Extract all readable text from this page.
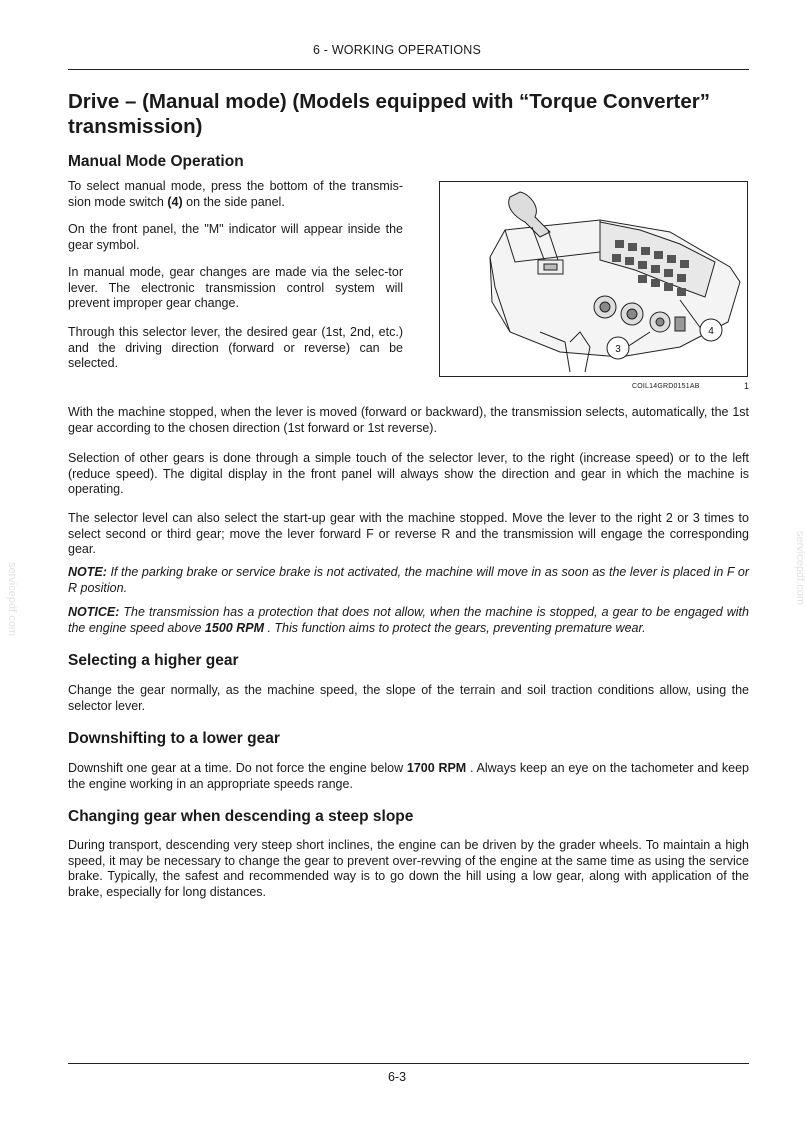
6 - WORKING OPERATIONS
Drive – (Manual mode) (Models equipped with “Torque Converter” transmission)
Manual Mode Operation

To select manual mode, press the bottom of the transmis-sion mode switch (4) on the side panel.

On the front panel, the "M" indicator will appear inside the gear symbol.

In manual mode, gear changes are made via the selec-tor lever. The electronic transmission control system will prevent improper gear change.

Through this selector lever, the desired gear (1st, 2nd, etc.) and the driving direction (forward or reverse) can be selected.

3
4
COIL14GRD0151AB	1

With the machine stopped, when the lever is moved (forward or backward), the transmission selects, automatically, the 1st gear according to the chosen direction (1st forward or 1st reverse).

Selection of other gears is done through a simple touch of the selector lever, to the right (increase speed) or to the left (reduce speed). The digital display in the front panel will always show the direction and gear in which the machine is operating.

The selector level can also select the start-up gear with the machine stopped. Move the lever to the right 2 or 3 times to select second or third gear; move the lever forward F or reverse R and the transmission will engage the corresponding gear.

NOTE: If the parking brake or service brake is not activated, the machine will move in as soon as the lever is placed in F or R position.

NOTICE: The transmission has a protection that does not allow, when the machine is stopped, a gear to be engaged with the engine speed above 1500 RPM . This function aims to protect the gears, preventing premature wear.

Selecting a higher gear

Change the gear normally, as the machine speed, the slope of the terrain and soil traction conditions allow, using the selector lever.

Downshifting to a lower gear

Downshift one gear at a time. Do not force the engine below 1700 RPM . Always keep an eye on the tachometer and keep the engine working in an appropriate speeds range.

Changing gear when descending a steep slope

During transport, descending very steep short inclines, the engine can be driven by the grader wheels. To maintain a high speed, it may be necessary to change the gear to prevent over-revving of the engine at the same time as using the service brake. Typically, the safest and recommended way is to go down the hill using a low gear, along with application of the brake, especially for long distances.

6-3
servicepdf.com	servicepdf.com
